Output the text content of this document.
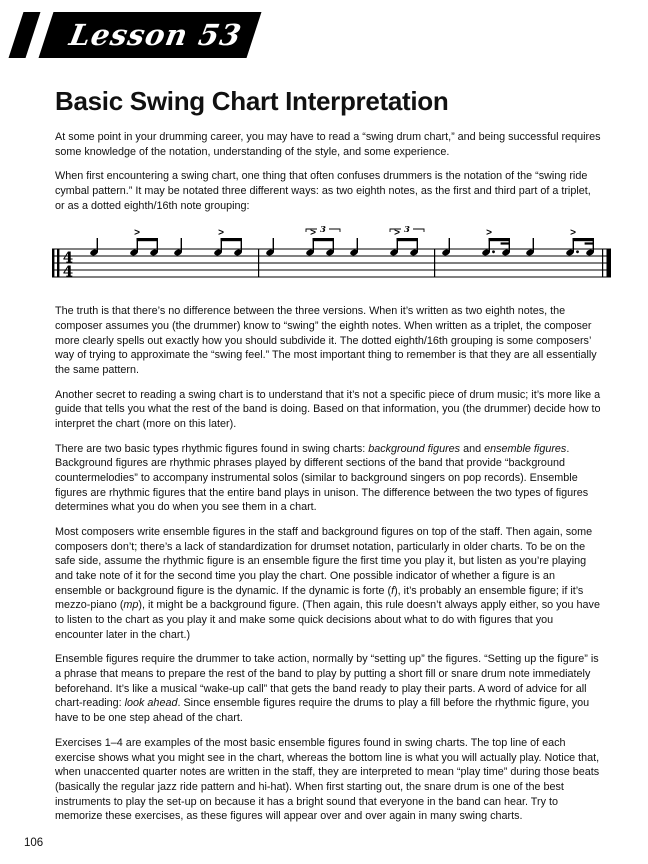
Lesson 53
Basic Swing Chart Interpretation

At some point in your drumming career, you may have to read a “swing drum chart,” and being successful requires some knowledge of the notation, understanding of the style, and some experience.

When first encountering a swing chart, one thing that often confuses drummers is the notation of the “swing ride cymbal pattern.” It may be notated three different ways: as two eighth notes, as the first and third part of a triplet, or as a dotted eighth/16th note grouping:

4
4
>	>	3	3
>	>	>	>

The truth is that there’s no difference between the three versions. When it’s written as two eighth notes, the composer assumes you (the drummer) know to “swing” the eighth notes. When written as a triplet, the composer more clearly spells out exactly how you should subdivide it. The dotted eighth/16th grouping is some composers’ way of trying to approximate the “swing feel.” The most important thing to remember is that they are all essentially the same pattern.

Another secret to reading a swing chart is to understand that it’s not a specific piece of drum music; it’s more like a guide that tells you what the rest of the band is doing. Based on that information, you (the drummer) decide how to interpret the chart (more on this later).

There are two basic types rhythmic figures found in swing charts: background figures and ensemble figures. Background figures are rhythmic phrases played by different sections of the band that provide “background countermelodies” to accompany instrumental solos (similar to background singers on pop records). Ensemble figures are rhythmic figures that the entire band plays in unison. The difference between the two types of figures determines what you do when you see them in a chart.

Most composers write ensemble figures in the staff and background figures on top of the staff. Then again, some composers don’t; there’s a lack of standardization for drumset notation, particularly in older charts. To be on the safe side, assume the rhythmic figure is an ensemble figure the first time you play it, but listen as you’re playing and take note of it for the second time you play the chart. One possible indicator of whether a figure is an ensemble or background figure is the dynamic. If the dynamic is forte (f), it’s probably an ensemble figure; if it’s mezzo-piano (mp), it might be a background figure. (Then again, this rule doesn’t always apply either, so you have to listen to the chart as you play it and make some quick decisions about what to do with figures that you encounter later in the chart.)

Ensemble figures require the drummer to take action, normally by “setting up” the figures. “Setting up the figure” is a phrase that means to prepare the rest of the band to play by putting a short fill or snare drum note immediately beforehand. It’s like a musical “wake-up call” that gets the band ready to play their parts. A word of advice for all chart-reading: look ahead. Since ensemble figures require the drums to play a fill before the rhythmic figure, you have to be one step ahead of the chart.

Exercises 1–4 are examples of the most basic ensemble figures found in swing charts. The top line of each exercise shows what you might see in the chart, whereas the bottom line is what you will actually play. Notice that, when unaccented quarter notes are written in the staff, they are interpreted to mean “play time” during those beats (basically the regular jazz ride pattern and hi-hat). When first starting out, the snare drum is one of the best instruments to play the set-up on because it has a bright sound that everyone in the band can hear. Try to memorize these exercises, as these figures will appear over and over again in many swing charts.

106
